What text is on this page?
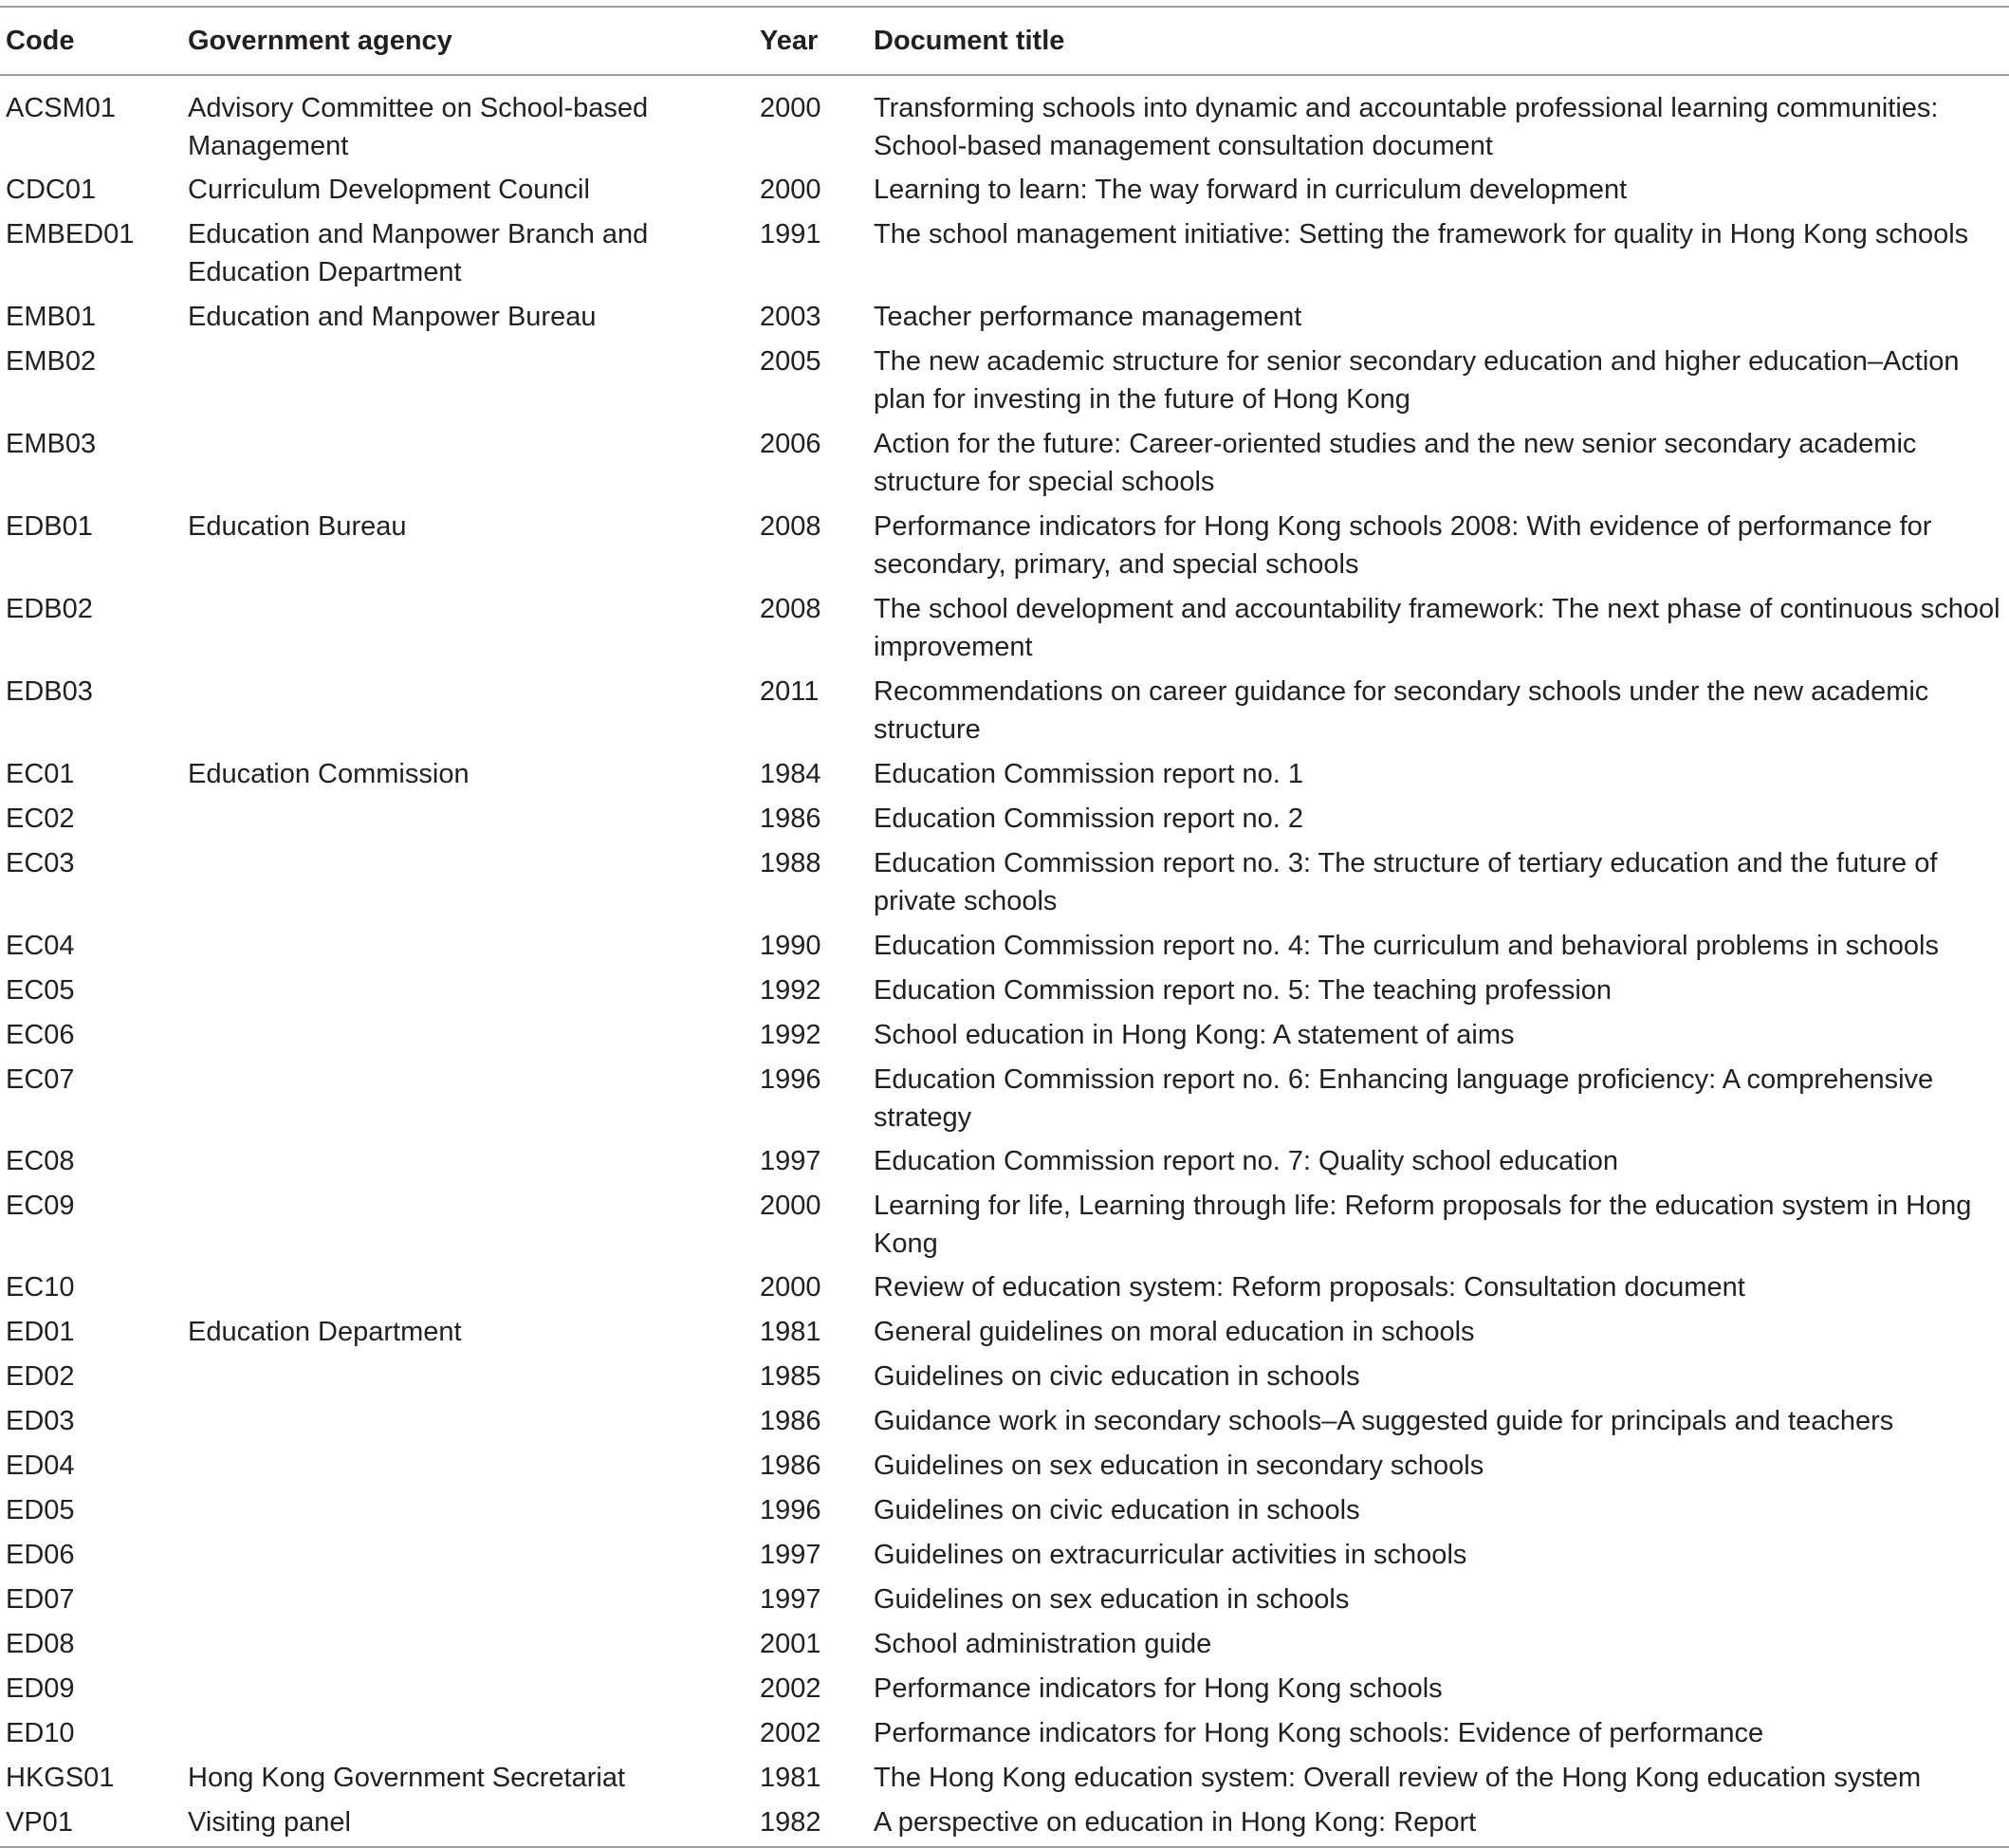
Code	Government agency	Year	Document title
ACSM01	Advisory Committee on School-based Management	2000	Transforming schools into dynamic and accountable professional learning communities: School-based management consultation document
CDC01	Curriculum Development Council	2000	Learning to learn: The way forward in curriculum development
EMBED01	Education and Manpower Branch and Education Department	1991	The school management initiative: Setting the framework for quality in Hong Kong schools
EMB01	Education and Manpower Bureau	2003	Teacher performance management
EMB02		2005	The new academic structure for senior secondary education and higher education–Action plan for investing in the future of Hong Kong
EMB03		2006	Action for the future: Career-oriented studies and the new senior secondary academic structure for special schools
EDB01	Education Bureau	2008	Performance indicators for Hong Kong schools 2008: With evidence of performance for secondary, primary, and special schools
EDB02		2008	The school development and accountability framework: The next phase of continuous school improvement
EDB03		2011	Recommendations on career guidance for secondary schools under the new academic structure
EC01	Education Commission	1984	Education Commission report no. 1
EC02		1986	Education Commission report no. 2
EC03		1988	Education Commission report no. 3: The structure of tertiary education and the future of private schools
EC04		1990	Education Commission report no. 4: The curriculum and behavioral problems in schools
EC05		1992	Education Commission report no. 5: The teaching profession
EC06		1992	School education in Hong Kong: A statement of aims
EC07		1996	Education Commission report no. 6: Enhancing language proficiency: A comprehensive strategy
EC08		1997	Education Commission report no. 7: Quality school education
EC09		2000	Learning for life, Learning through life: Reform proposals for the education system in Hong Kong
EC10		2000	Review of education system: Reform proposals: Consultation document
ED01	Education Department	1981	General guidelines on moral education in schools
ED02		1985	Guidelines on civic education in schools
ED03		1986	Guidance work in secondary schools–A suggested guide for principals and teachers
ED04		1986	Guidelines on sex education in secondary schools
ED05		1996	Guidelines on civic education in schools
ED06		1997	Guidelines on extracurricular activities in schools
ED07		1997	Guidelines on sex education in schools
ED08		2001	School administration guide
ED09		2002	Performance indicators for Hong Kong schools
ED10		2002	Performance indicators for Hong Kong schools: Evidence of performance
HKGS01	Hong Kong Government Secretariat	1981	The Hong Kong education system: Overall review of the Hong Kong education system
VP01	Visiting panel	1982	A perspective on education in Hong Kong: Report
